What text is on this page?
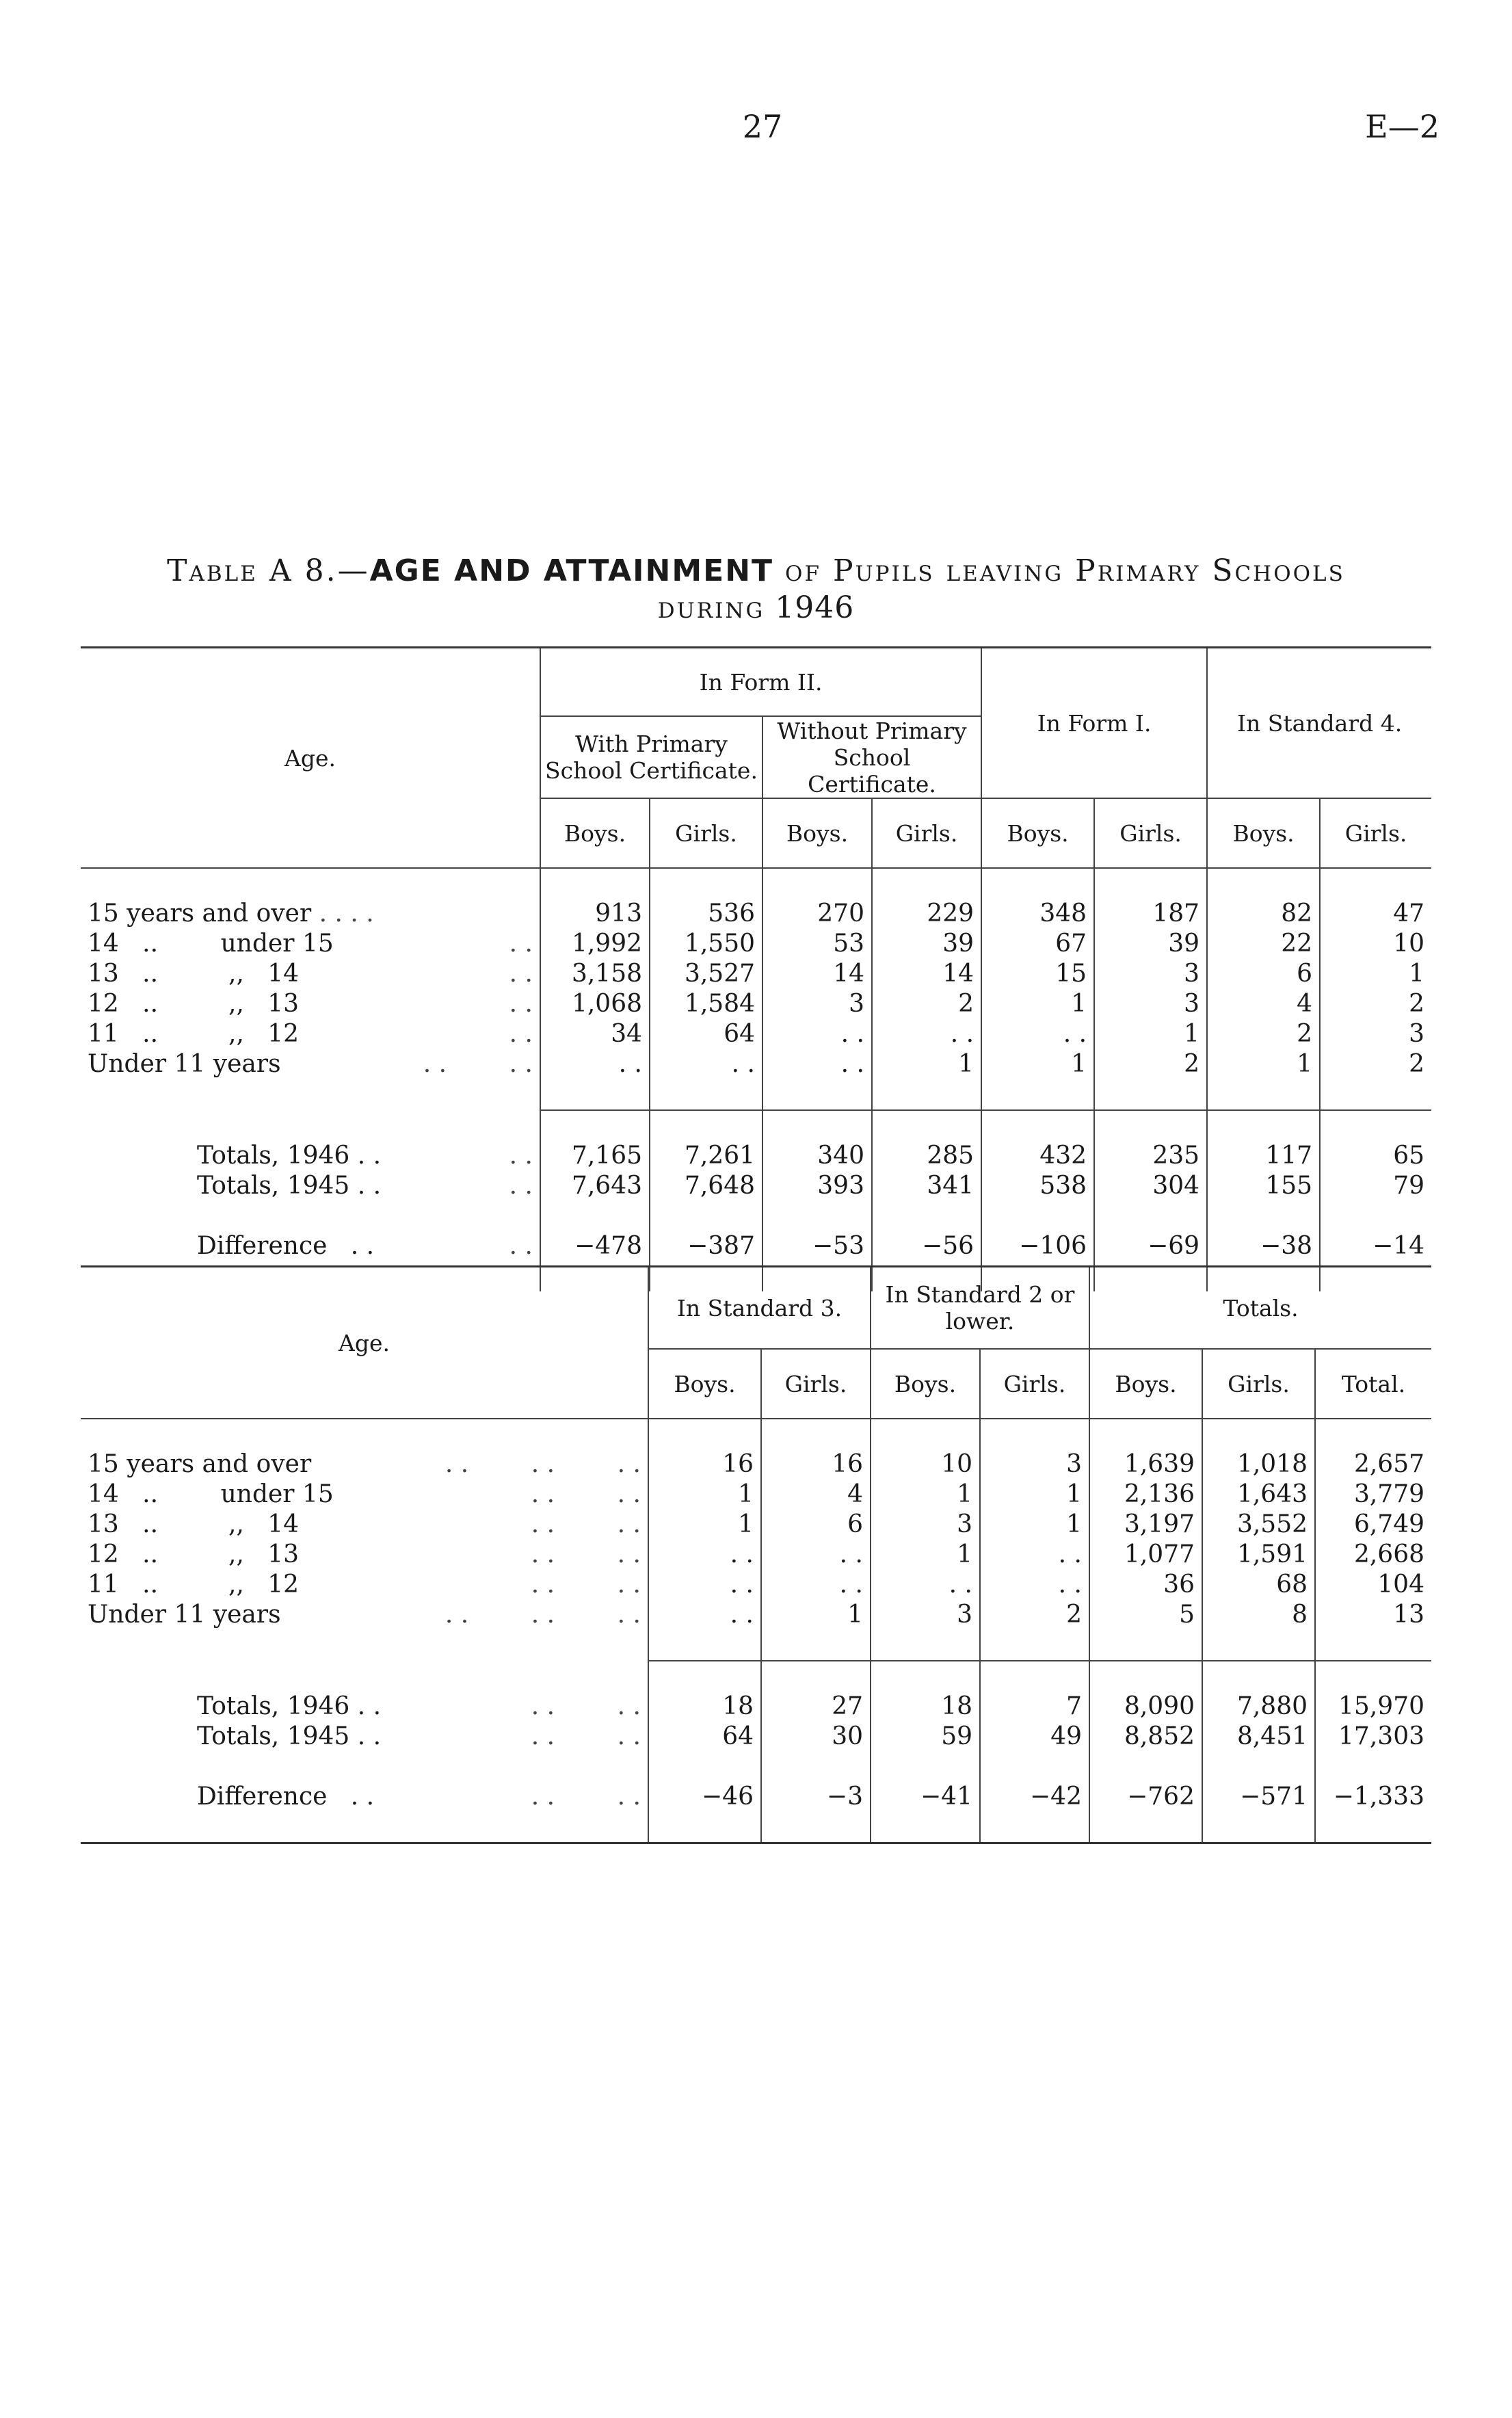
27	E—2
Table A 8.—AGE AND ATTAINMENT of Pupils leaving Primary Schools
during 1946
Age.	In Form II.				In Form I.		In Standard 4.	
	With Primary School Certificate.		Without Primary School Certificate.					
	Boys.	Girls.	Boys.	Girls.	Boys.	Girls.	Boys.	Girls.

15 years and over . . . .	913	536	270	229	348	187	82	47
14   ..        under 15 . .	1,992	1,550	53	39	67	39	22	10
13   ..         ,,   14 . .	3,158	3,527	14	14	15	3	6	1
12   ..         ,,   13 . .	1,068	1,584	3	2	1	3	4	2
11   ..         ,,   12 . .	34	64	. .	. .	. .	1	2	3
Under 11 years . .        . .	. .	. .	. .	1	1	2	1	2

Totals, 1946 . . . .	7,165	7,261	340	285	432	235	117	65
Totals, 1945 . . . .	7,643	7,648	393	341	538	304	155	79

Difference   . . . .	−478	−387	−53	−56	−106	−69	−38	−14

Age.	In Standard 3.		In Standard 2 or lower.		Totals.		
	Boys.	Girls.	Boys.	Girls.	Boys.	Girls.	Total.

15 years and over . .        . .        . .	16	16	10	3	1,639	1,018	2,657
14   ..        under 15 . .        . .	1	4	1	1	2,136	1,643	3,779
13   ..         ,,   14 . .        . .	1	6	3	1	3,197	3,552	6,749
12   ..         ,,   13 . .        . .	. .	. .	1	. .	1,077	1,591	2,668
11   ..         ,,   12 . .        . .	. .	. .	. .	. .	36	68	104
Under 11 years . .        . .        . .	. .	1	3	2	5	8	13

Totals, 1946 . . . .        . .	18	27	18	7	8,090	7,880	15,970
Totals, 1945 . . . .        . .	64	30	59	49	8,852	8,451	17,303

Difference   . . . .        . .	−46	−3	−41	−42	−762	−571	−1,333
